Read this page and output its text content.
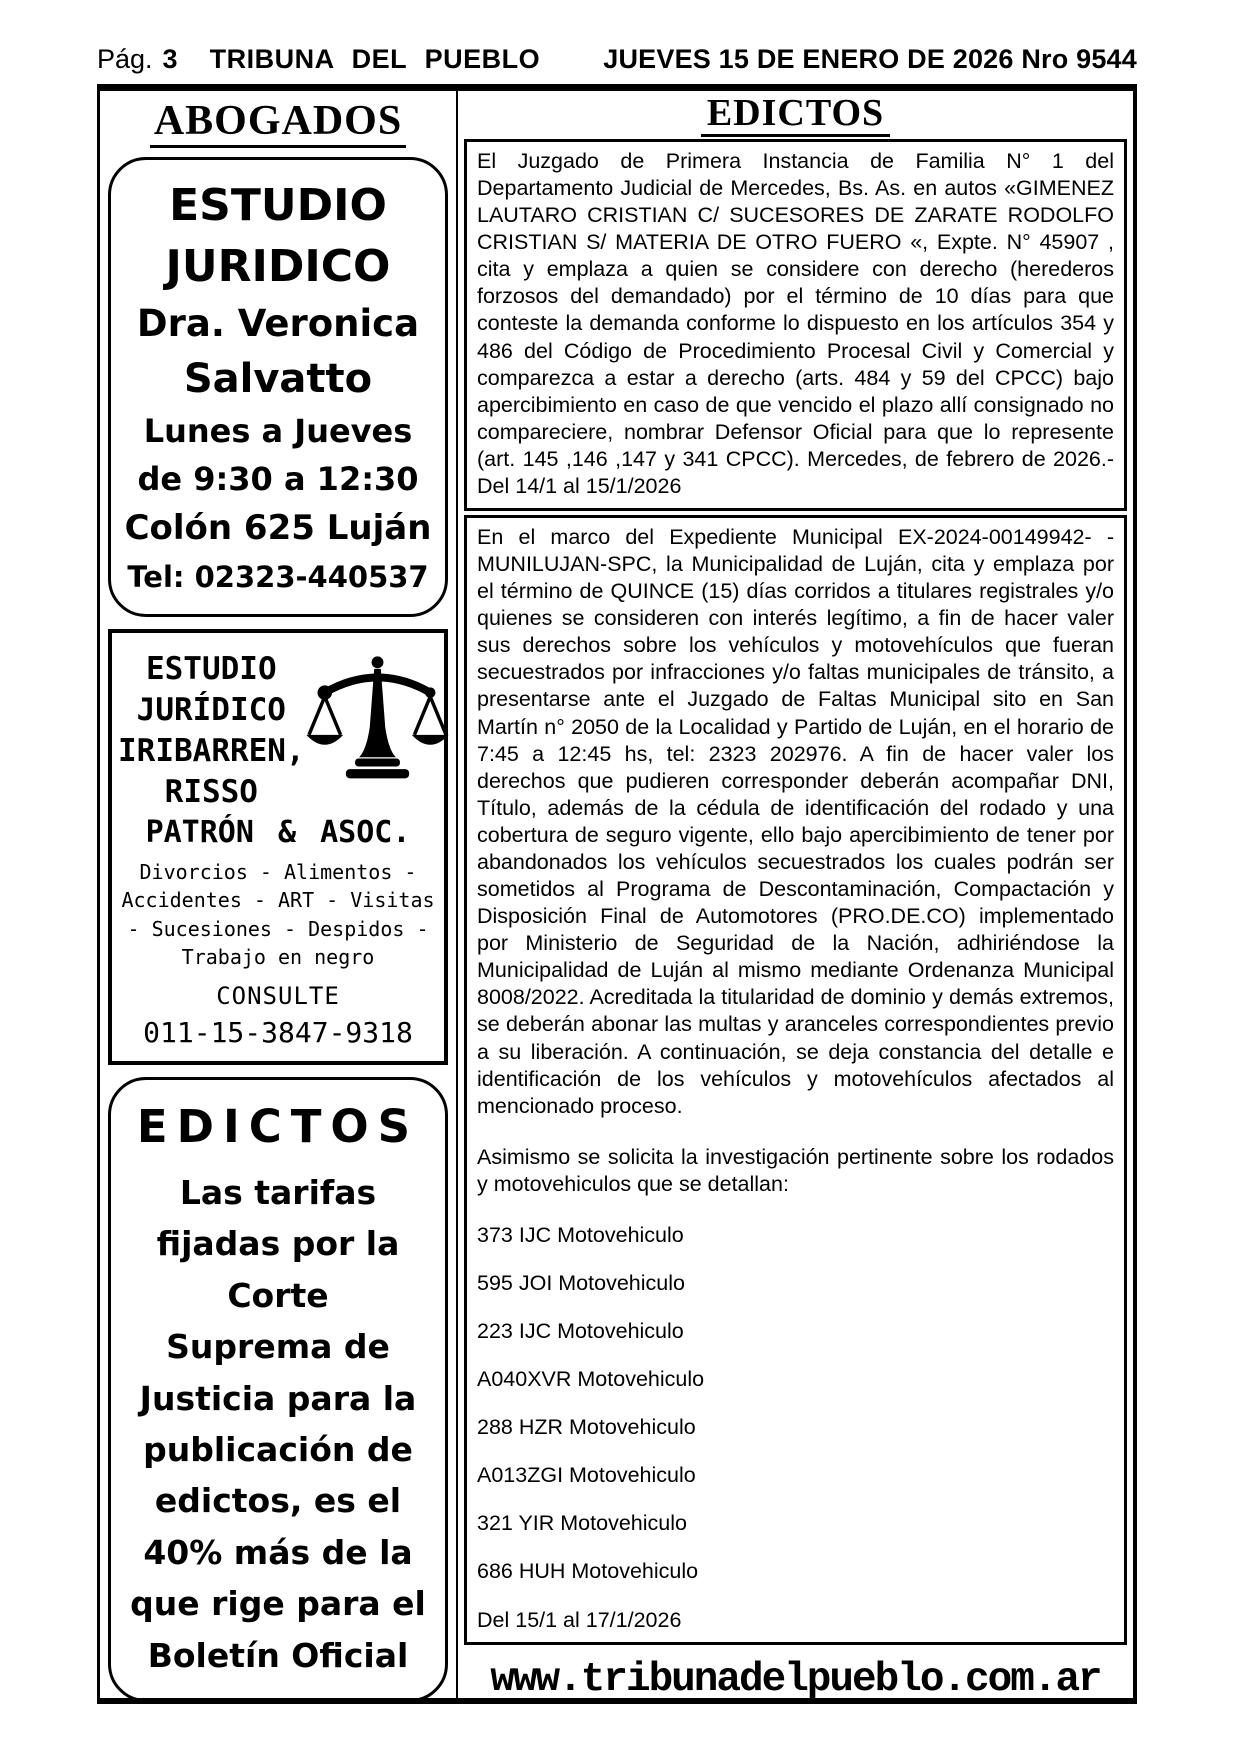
Pág. 3 TRIBUNA DEL PUEBLO JUEVES 15 DE ENERO DE 2026 Nro 9544
ABOGADOS
ESTUDIO
JURIDICO
Dra. Veronica
Salvatto
Lunes a Jueves
de 9:30 a 12:30
Colón 625 Luján
Tel: 02323-440537
ESTUDIO
JURÍDICO
IRIBARREN,
RISSO
PATRÓN & ASOC.
Divorcios - Alimentos - Accidentes - ART - Visitas - Sucesiones - Despidos - Trabajo en negro
CONSULTE
011-15-3847-9318
EDICTOS
Las tarifas
fijadas por la
Corte
Suprema de
Justicia para la
publicación de
edictos, es el
40% más de la
que rige para el
Boletín Oficial
EDICTOS

El Juzgado de Primera Instancia de Familia N° 1 del Departamento Judicial de Mercedes, Bs. As. en autos «GIMENEZ LAUTARO CRISTIAN C/ SUCESORES DE ZARATE RODOLFO CRISTIAN S/ MATERIA DE OTRO FUERO «, Expte. N° 45907 , cita y emplaza a quien se considere con derecho (herederos forzosos del demandado) por el término de 10 días para que conteste la demanda conforme lo dispuesto en los artículos 354 y 486 del Código de Procedimiento Procesal Civil y Comercial y comparezca a estar a derecho (arts. 484 y 59 del CPCC) bajo apercibimiento en caso de que vencido el plazo allí consignado no compareciere, nombrar Defensor Oficial para que lo represente (art. 145 ,146 ,147 y 341 CPCC). Mercedes, de febrero de 2026.- Del 14/1 al 15/1/2026

En el marco del Expediente Municipal EX-2024-00149942- - MUNILUJAN-SPC, la Municipalidad de Luján, cita y emplaza por el término de QUINCE (15) días corridos a titulares registrales y/o quienes se consideren con interés legítimo, a fin de hacer valer sus derechos sobre los vehículos y motovehículos que fueran secuestrados por infracciones y/o faltas municipales de tránsito, a presentarse ante el Juzgado de Faltas Municipal sito en San Martín n° 2050 de la Localidad y Partido de Luján, en el horario de 7:45 a 12:45 hs, tel: 2323 202976. A fin de hacer valer los derechos que pudieren corresponder deberán acompañar DNI, Título, además de la cédula de identificación del rodado y una cobertura de seguro vigente, ello bajo apercibimiento de tener por abandonados los vehículos secuestrados los cuales podrán ser sometidos al Programa de Descontaminación, Compactación y Disposición Final de Automotores (PRO.DE.CO) implementado por Ministerio de Seguridad de la Nación, adhiriéndose la Municipalidad de Luján al mismo mediante Ordenanza Municipal 8008/2022. Acreditada la titularidad de dominio y demás extremos, se deberán abonar las multas y aranceles correspondientes previo a su liberación. A continuación, se deja constancia del detalle e identificación de los vehículos y motovehículos afectados al mencionado proceso.

Asimismo se solicita la investigación pertinente sobre los rodados y motovehiculos que se detallan:

373 IJC Motovehiculo
595 JOI Motovehiculo
223 IJC Motovehiculo
A040XVR Motovehiculo
288 HZR Motovehiculo
A013ZGI Motovehiculo
321 YIR Motovehiculo
686 HUH Motovehiculo
Del 15/1 al 17/1/2026
www.tribunadelpueblo.com.ar
